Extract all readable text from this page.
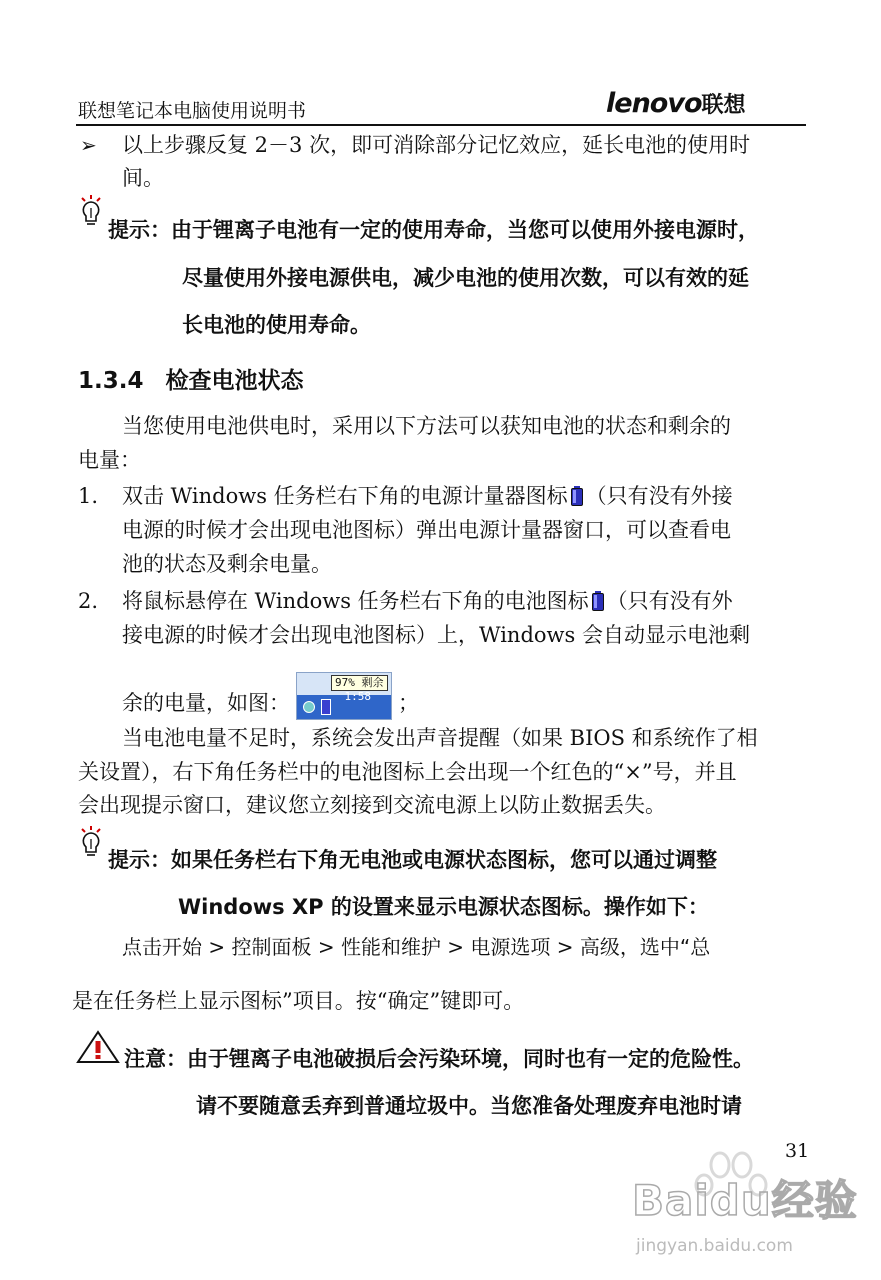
联想笔记本电脑使用说明书	lenovo联想
➢ 以上步骤反复 2－3 次，即可消除部分记忆效应，延长电池的使用时
间。
提示：由于锂离子电池有一定的使用寿命，当您可以使用外接电源时，
尽量使用外接电源供电，减少电池的使用次数，可以有效的延
长电池的使用寿命。
1.3.4 检查电池状态
当您使用电池供电时，采用以下方法可以获知电池的状态和剩余的
电量：
1. 双击 Windows 任务栏右下角的电源计量器图标 （只有没有外接
电源的时候才会出现电池图标）弹出电源计量器窗口，可以查看电
池的状态及剩余电量。
2. 将鼠标悬停在 Windows 任务栏右下角的电池图标 （只有没有外
接电源的时候才会出现电池图标）上，Windows 会自动显示电池剩
余的电量，如图：
97% 剩余
1:58 ；
当电池电量不足时，系统会发出声音提醒（如果 BIOS 和系统作了相
关设置），右下角任务栏中的电池图标上会出现一个红色的“×”号，并且
会出现提示窗口，建议您立刻接到交流电源上以防止数据丢失。
提示：如果任务栏右下角无电池或电源状态图标，您可以通过调整
Windows XP 的设置来显示电源状态图标。操作如下：
点击开始 > 控制面板 > 性能和维护 > 电源选项 > 高级，选中“总
是在任务栏上显示图标”项目。按“确定”键即可。
注意：由于锂离子电池破损后会污染环境，同时也有一定的危险性。
请不要随意丢弃到普通垃圾中。当您准备处理废弃电池时请
31
Baidu经验
jingyan.baidu.com
